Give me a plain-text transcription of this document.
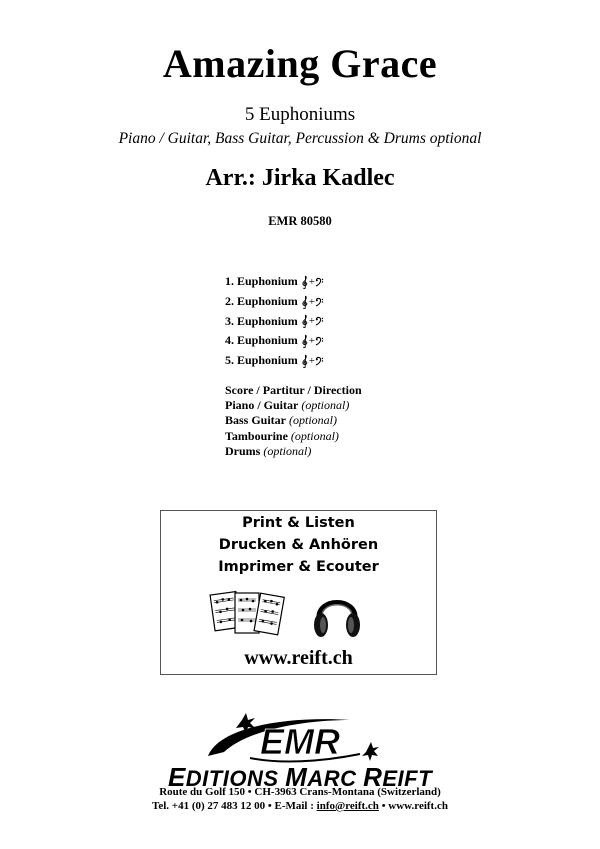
Amazing Grace
5 Euphoniums
Piano / Guitar, Bass Guitar, Percussion & Drums optional
Arr.: Jirka Kadlec
EMR 80580
1. Euphonium +
2. Euphonium +
3. Euphonium +
4. Euphonium +
5. Euphonium +
Score / Partitur / Direction
Piano / Guitar (optional)
Bass Guitar (optional)
Tambourine (optional)
Drums (optional)
Print & Listen
Drucken & Anhören
Imprimer & Ecouter
www.reift.ch
EMR
EDITIONS MARC REIFT
Route du Golf 150 • CH-3963 Crans-Montana (Switzerland)
Tel. +41 (0) 27 483 12 00 • E-Mail : info@reift.ch • www.reift.ch
